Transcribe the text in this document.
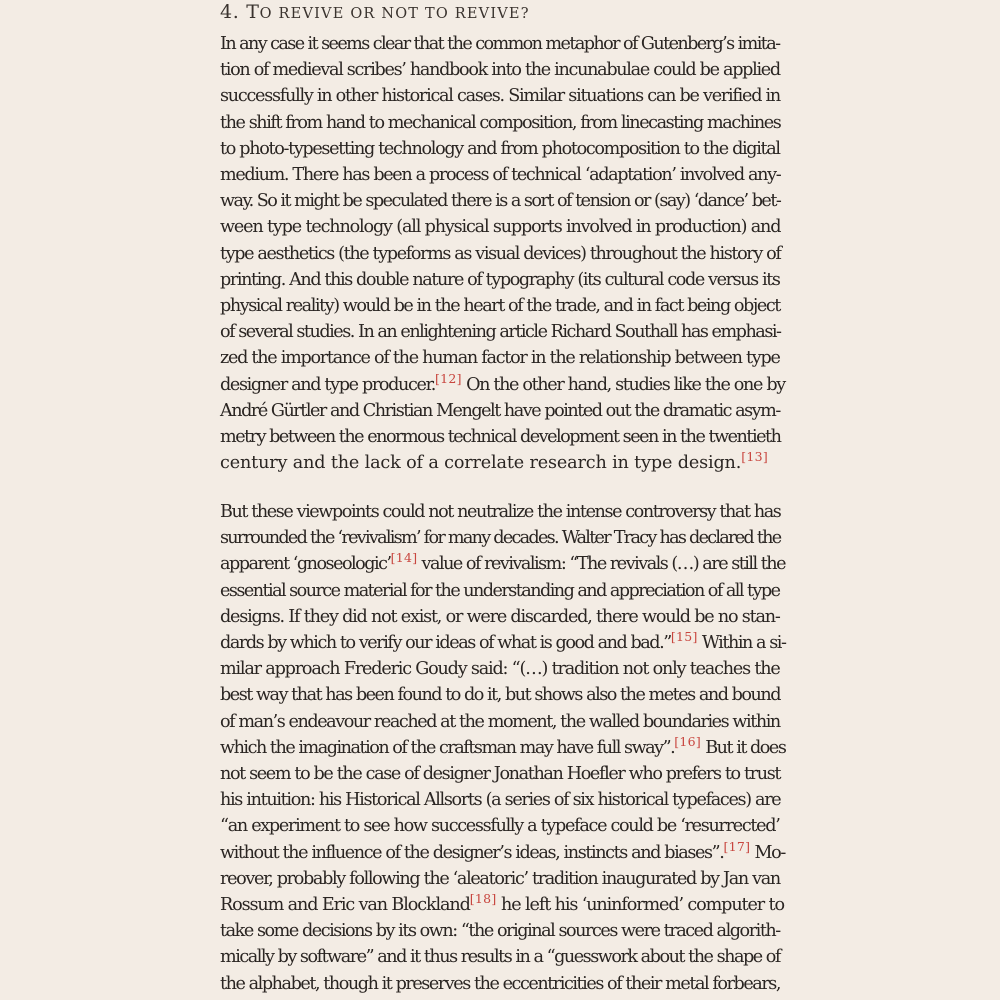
4. TO REVIVE OR NOT TO REVIVE?
In any case it seems clear that the common metaphor of Gutenberg’s imita-
tion of medieval scribes’ handbook into the incunabulae could be applied
successfully in other historical cases. Similar situations can be verified in
the shift from hand to mechanical composition, from linecasting machines
to photo-typesetting technology and from photocomposition to the digital
medium. There has been a process of technical ‘adaptation’ involved any-
way. So it might be speculated there is a sort of tension or (say) ‘dance’ bet-
ween type technology (all physical supports involved in production) and
type aesthetics (the typeforms as visual devices) throughout the history of
printing. And this double nature of typography (its cultural code versus its
physical reality) would be in the heart of the trade, and in fact being object
of several studies. In an enlightening article Richard Southall has emphasi-
zed the importance of the human factor in the relationship between type
designer and type producer.[12] On the other hand, studies like the one by
André Gürtler and Christian Mengelt have pointed out the dramatic asym-
metry between the enormous technical development seen in the twentieth
century and the lack of a correlate research in type design.[13]
But these viewpoints could not neutralize the intense controversy that has
surrounded the ‘revivalism’ for many decades. Walter Tracy has declared the
apparent ‘gnoseologic’[14] value of revivalism: “The revivals (…) are still the
essential source material for the understanding and appreciation of all type
designs. If they did not exist, or were discarded, there would be no stan-
dards by which to verify our ideas of what is good and bad.”[15] Within a si-
milar approach Frederic Goudy said: “(…) tradition not only teaches the
best way that has been found to do it, but shows also the metes and bound
of man’s endeavour reached at the moment, the walled boundaries within
which the imagination of the craftsman may have full sway”.[16] But it does
not seem to be the case of designer Jonathan Hoefler who prefers to trust
his intuition: his Historical Allsorts (a series of six historical typefaces) are
“an experiment to see how successfully a typeface could be ‘resurrected’
without the influence of the designer’s ideas, instincts and biases”.[17] Mo-
reover, probably following the ‘aleatoric’ tradition inaugurated by Jan van
Rossum and Eric van Blockland[18] he left his ‘uninformed’ computer to
take some decisions by its own: “the original sources were traced algorith-
mically by software” and it thus results in a “guesswork about the shape of
the alphabet, though it preserves the eccentricities of their metal forbears,
